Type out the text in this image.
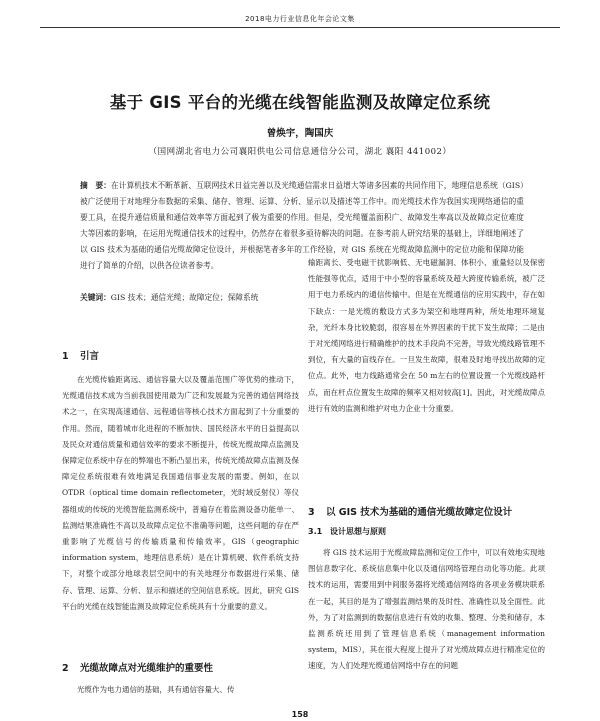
2018电力行业信息化年会论文集
基于 GIS 平台的光缆在线智能监测及故障定位系统
曾焕宇，陶国庆
（国网湖北省电力公司襄阳供电公司信息通信分公司，湖北 襄阳 441002）
摘　要：在计算机技术不断革新、互联网技术日益完善以及光缆通信需求日益增大等诸多因素的共同作用下，地理信息系统（GIS）被广泛使用于对地理分布数据的采集、储存、管理、运算、分析、显示以及描述等工作中。而光缆技术作为我国实现网络通信的重要工具，在提升通信质量和通信效率等方面起到了极为重要的作用。但是，受光缆覆盖面积广、故障发生率高以及故障点定位难度大等因素的影响，在运用光缆通信技术的过程中，仍然存在着很多亟待解决的问题。在参考前人研究结果的基础上，详细地阐述了以 GIS 技术为基础的通信光缆故障定位设计，并根据笔者多年的工作经验，对 GIS 系统在光缆故障监测中的定位功能和保障功能进行了简单的介绍，以供各位读者参考。
关键词：GIS 技术；通信光缆；故障定位；保障系统
1 引言

在光缆传输距离远、通信容量大以及覆盖范围广等优势的推动下，光缆通信技术成为当前我国使用最为广泛和发展最为完善的通信网络技术之一，在实现高速通信、远程通信等核心技术方面起到了十分重要的作用。然而，随着城市化进程的不断加快、国民经济水平的日益提高以及民众对通信质量和通信效率的要求不断提升，传统光缆故障点监测及保障定位系统中存在的弊端也不断凸显出来，传统光缆故障点监测及保障定位系统很难有效地满足我国通信事业发展的需要。例如，在以 OTDR（optical time domain reflectometer，光时域反射仪）等仪器组成的传统的光缆智能监测系统中，普遍存在着监测设备功能单一、监测结果准确性不高以及故障点定位不准确等问题，这些问题的存在严重影响了光缆信号的传输质量和传输效率，GIS（geographic information system，地理信息系统）是在计算机硬、软件系统支持下，对整个或部分地球表层空间中的有关地理分布数据进行采集、储存、管理、运算、分析、显示和描述的空间信息系统。因此，研究 GIS 平台的光缆在线智能监测及故障定位系统具有十分重要的意义。

2 光缆故障点对光缆维护的重要性

光缆作为电力通信的基础，具有通信容量大、传

输距离长、受电磁干扰影响低、无电磁漏洞、体积小、重量轻以及保密性能强等优点，适用于中小型的容量系统及超大跨度传输系统，被广泛用于电力系统内的通信传输中。但是在光缆通信的应用实践中，存在如下缺点：一是光缆的敷设方式多为架空和地埋两种，所处地理环境复杂，光纤本身比较脆弱，很容易在外界因素的干扰下发生故障；二是由于对光缆网络进行精确维护的技术手段尚不完善，导致光缆线路管理不到位，有大量的盲线存在。一旦发生故障，很难及时地寻找出故障的定位点。此外，电力线路通常会在 50 m左右的位置设置一个光缆线路杆点，而在杆点位置发生故障的频率又相对较高[1]。因此，对光缆故障点进行有效的监测和维护对电力企业十分重要。

3 以 GIS 技术为基础的通信光缆故障定位设计
3.1 设计思想与原则

将 GIS 技术运用于光缆故障监测和定位工作中，可以有效地实现地图信息数字化、系统信息集中化以及通信网络管理自动化等功能。此项技术的运用，需要用到中间服务器将光缆通信网络的各项业务模块联系在一起，其目的是为了增强监测结果的及时性、准确性以及全面性。此外，为了对监测到的数据信息进行有效的收集、整理、分类和储存，本监测系统还用到了管理信息系统（management information system，MIS），其在很大程度上提升了对光缆故障点进行精准定位的速度，为人们处理光缆通信网络中存在的问题

158
